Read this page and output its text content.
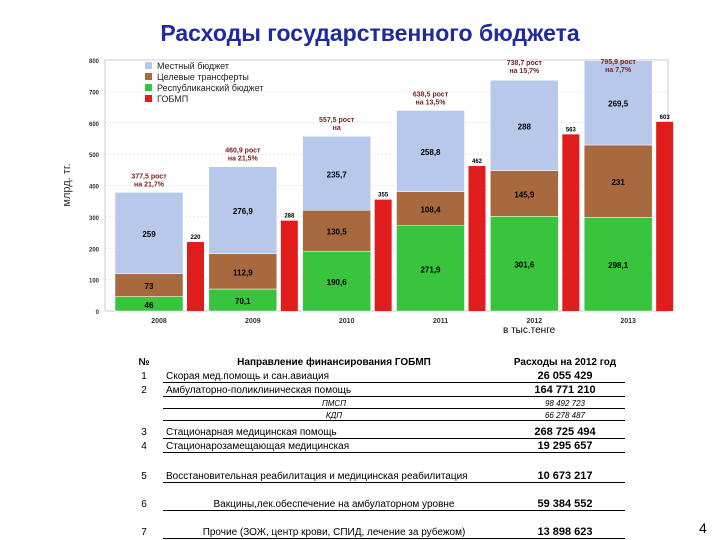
Расходы государственного бюджета
0
100
200
300
400
500
600
700
800
млрд. тг.
46
73
259	220
377,5 рост на 21,7%
2008
70,1
112,9
276,9
288
460,9 рост на 21,5%
2009
190,6
130,5
235,7
355
557,5 рост на
2010
271,9
108,4
258,8
462
638,5 рост на 13,5%
2011
301,6
145,9
288	563
738,7 рост на 15,7%
2012
298,1
231
269,5
603
795,9 рост на 7,7%
2013
Местный бюджет
Целевые трансферты
Республиканский бюджет
ГОБМП
в тыс.тенге
№	Направление финансирования ГОБМП	Расходы на 2012 год
1	Скорая мед.помощь и сан.авиация	26 055 429
2	Амбулаторно-поликлиническая помощь	164 771 210
	ПМСП	98 492 723
	КДП	66 278 487
3	Стационарная медицинская помощь	268 725 494
4	Стационарозамещающая медицинская	19 295 657
5	Восстановительная реабилитация и медицинская реабилитация	10 673 217
6	Вакцины,лек.обеспечение на амбулаторном уровне	59 384 552
7	Прочие (ЗОЖ, центр крови, СПИД, лечение за рубежом)	13 898 623	4
